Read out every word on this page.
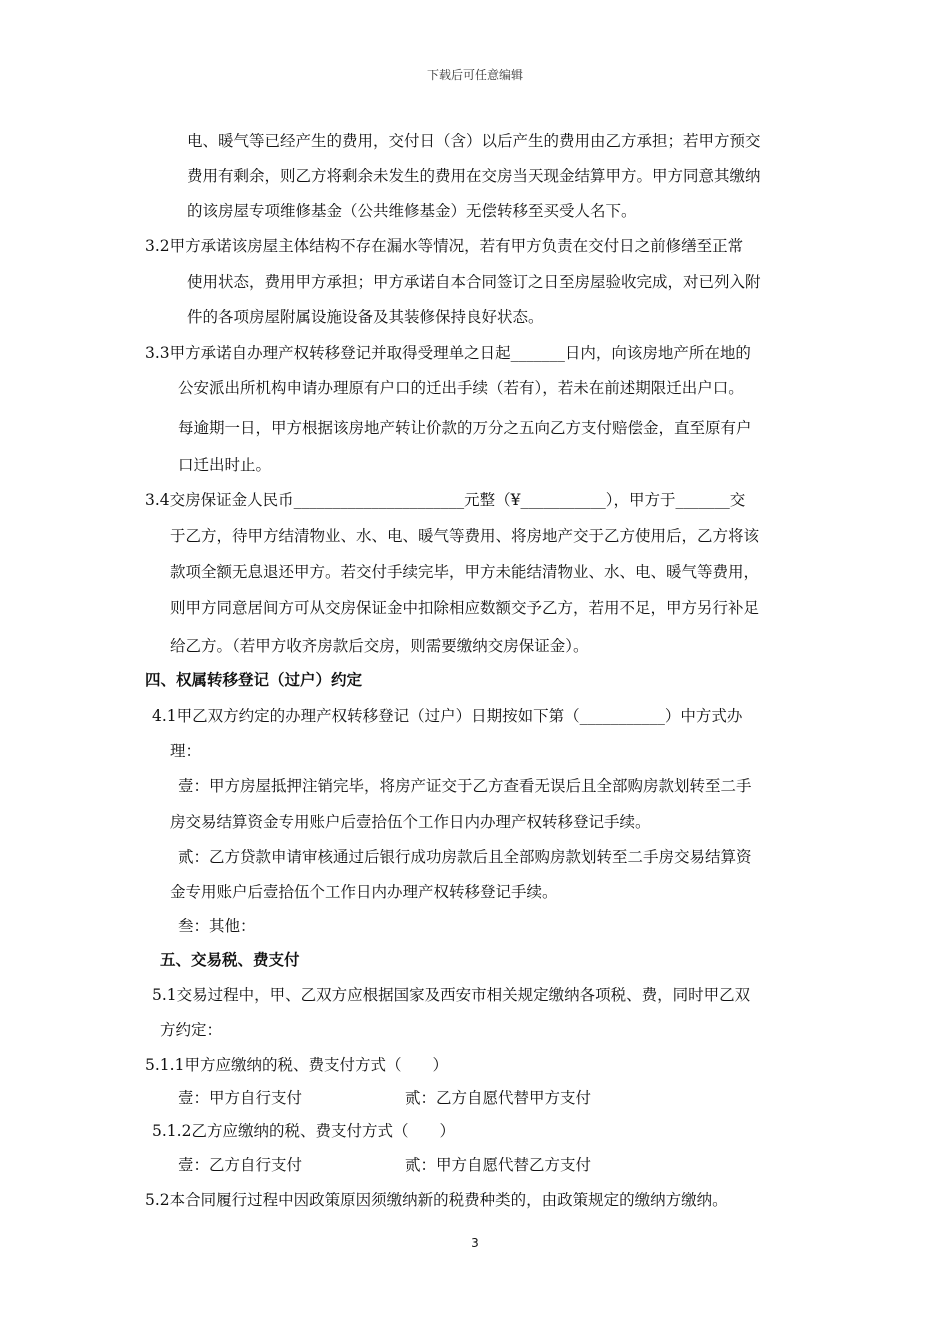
下载后可任意编辑
电、暖气等已经产生的费用，交付日（含）以后产生的费用由乙方承担；若甲方预交
费用有剩余，则乙方将剩余未发生的费用在交房当天现金结算甲方。甲方同意其缴纳
的该房屋专项维修基金（公共维修基金）无偿转移至买受人名下。
3.2甲方承诺该房屋主体结构不存在漏水等情况，若有甲方负责在交付日之前修缮至正常
使用状态，费用甲方承担；甲方承诺自本合同签订之日至房屋验收完成，对已列入附
件的各项房屋附属设施设备及其装修保持良好状态。
3.3甲方承诺自办理产权转移登记并取得受理单之日起_______日内，向该房地产所在地的
公安派出所机构申请办理原有户口的迁出手续（若有），若未在前述期限迁出户口。
每逾期一日，甲方根据该房地产转让价款的万分之五向乙方支付赔偿金，直至原有户
口迁出时止。
3.4交房保证金人民币______________________元整（¥___________），甲方于_______交
于乙方，待甲方结清物业、水、电、暖气等费用、将房地产交于乙方使用后，乙方将该
款项全额无息退还甲方。若交付手续完毕，甲方未能结清物业、水、电、暖气等费用，
则甲方同意居间方可从交房保证金中扣除相应数额交予乙方，若用不足，甲方另行补足
给乙方。（若甲方收齐房款后交房，则需要缴纳交房保证金）。
四、权属转移登记（过户）约定
4.1甲乙双方约定的办理产权转移登记（过户）日期按如下第（___________）中方式办
理：
壹：甲方房屋抵押注销完毕，将房产证交于乙方查看无误后且全部购房款划转至二手
房交易结算资金专用账户后壹拾伍个工作日内办理产权转移登记手续。
贰：乙方贷款申请审核通过后银行成功房款后且全部购房款划转至二手房交易结算资
金专用账户后壹拾伍个工作日内办理产权转移登记手续。
叁：其他：
五、交易税、费支付
5.1交易过程中，甲、乙双方应根据国家及西安市相关规定缴纳各项税、费，同时甲乙双
方约定：
5.1.1甲方应缴纳的税、费支付方式（　　）
壹：甲方自行支付	贰：乙方自愿代替甲方支付
5.1.2乙方应缴纳的税、费支付方式（　　）
壹：乙方自行支付	贰：甲方自愿代替乙方支付
5.2本合同履行过程中因政策原因须缴纳新的税费种类的，由政策规定的缴纳方缴纳。
3
